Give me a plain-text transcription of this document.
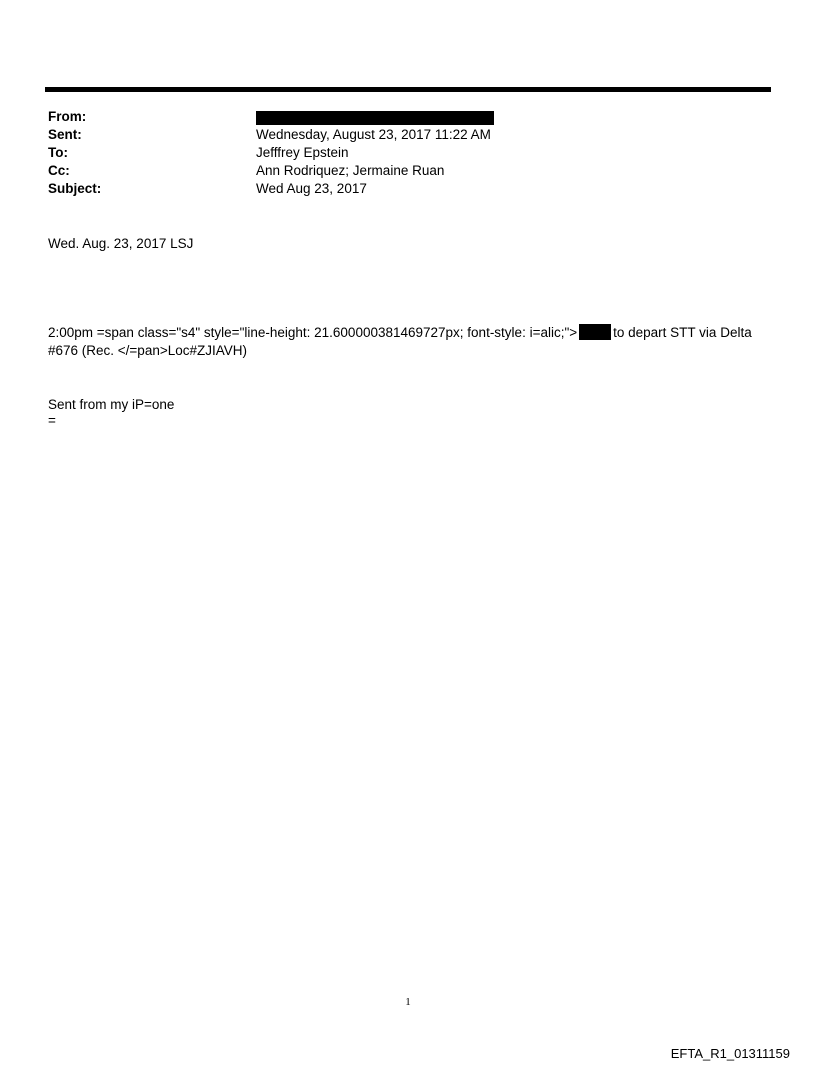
From:
Sent:	Wednesday, August 23, 2017 11:22 AM
To:	Jefffrey Epstein
Cc:	Ann Rodriquez; Jermaine Ruan
Subject:	Wed Aug 23, 2017
Wed. Aug. 23, 2017 LSJ
2:00pm =span class="s4" style="line-height: 21.600000381469727px; font-style: i=alic;">	to depart STT via Delta
#676 (Rec. </=pan>Loc#ZJIAVH)
Sent from my iP=one
=
1
EFTA_R1_01311159
